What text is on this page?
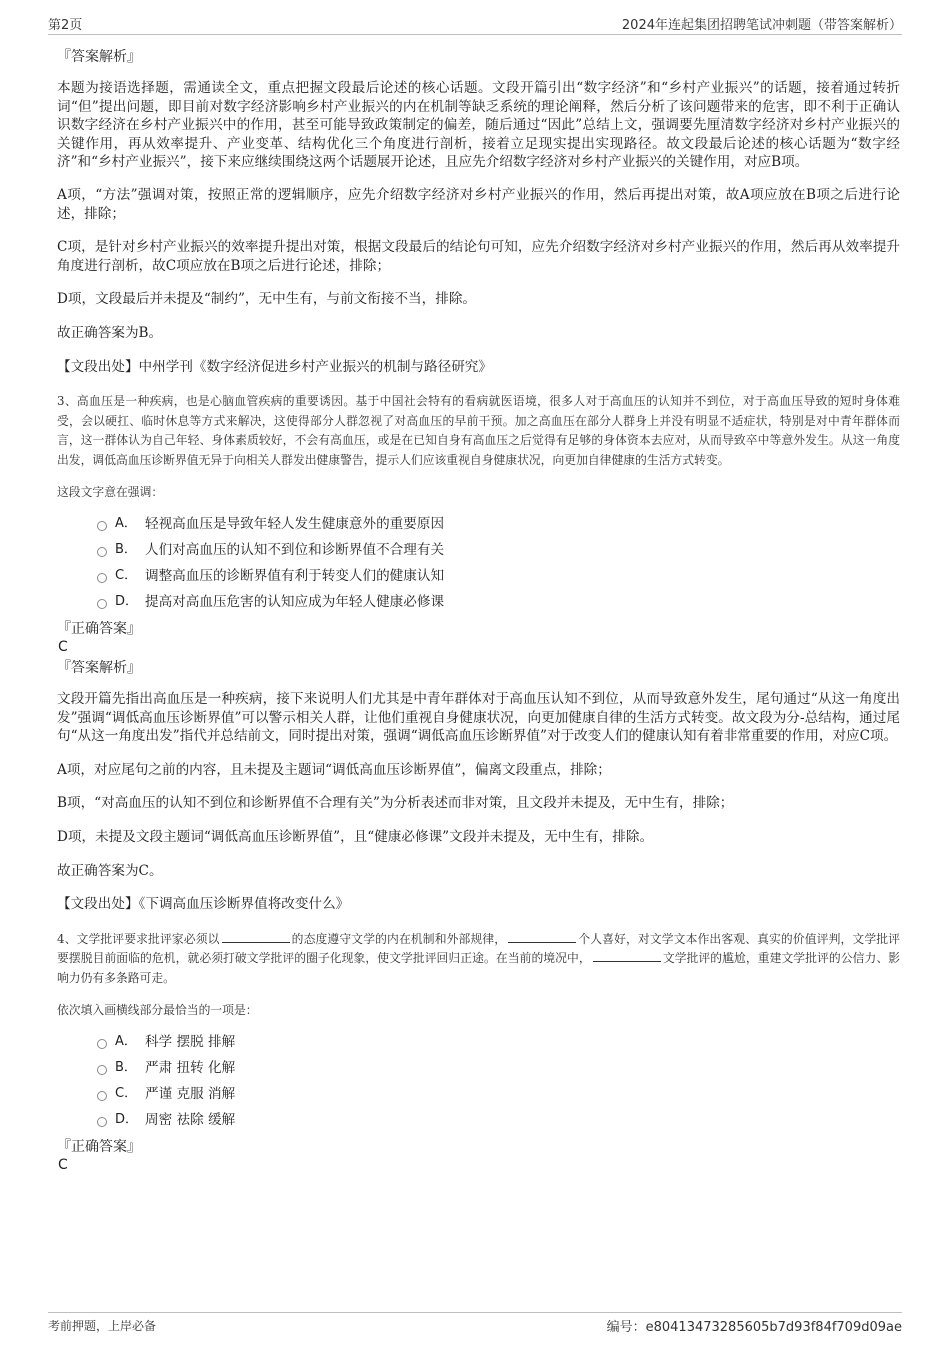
第2页	2024年连起集团招聘笔试冲刺题（带答案解析）
『答案解析』

本题为接语选择题，需通读全文，重点把握文段最后论述的核心话题。文段开篇引出“数字经济”和“乡村产业振兴”的话题，接着通过转折词“但”提出问题，即目前对数字经济影响乡村产业振兴的内在机制等缺乏系统的理论阐释，然后分析了该问题带来的危害，即不利于正确认识数字经济在乡村产业振兴中的作用，甚至可能导致政策制定的偏差，随后通过“因此”总结上文，强调要先厘清数字经济对乡村产业振兴的关键作用，再从效率提升、产业变革、结构优化三个角度进行剖析，接着立足现实提出实现路径。故文段最后论述的核心话题为“数字经济”和“乡村产业振兴”，接下来应继续围绕这两个话题展开论述，且应先介绍数字经济对乡村产业振兴的关键作用，对应B项。

A项，“方法”强调对策，按照正常的逻辑顺序，应先介绍数字经济对乡村产业振兴的作用，然后再提出对策，故A项应放在B项之后进行论述，排除；

C项，是针对乡村产业振兴的效率提升提出对策，根据文段最后的结论句可知，应先介绍数字经济对乡村产业振兴的作用，然后再从效率提升角度进行剖析，故C项应放在B项之后进行论述，排除；

D项，文段最后并未提及“制约”，无中生有，与前文衔接不当，排除。

故正确答案为B。

【文段出处】中州学刊《数字经济促进乡村产业振兴的机制与路径研究》

3、高血压是一种疾病，也是心脑血管疾病的重要诱因。基于中国社会特有的看病就医语境，很多人对于高血压的认知并不到位，对于高血压导致的短时身体难受，会以硬扛、临时休息等方式来解决，这使得部分人群忽视了对高血压的早前干预。加之高血压在部分人群身上并没有明显不适症状，特别是对中青年群体而言，这一群体认为自己年轻、身体素质较好，不会有高血压，或是在已知自身有高血压之后觉得有足够的身体资本去应对，从而导致卒中等意外发生。从这一角度出发，调低高血压诊断界值无异于向相关人群发出健康警告，提示人们应该重视自身健康状况，向更加自律健康的生活方式转变。

这段文字意在强调：

A． 轻视高血压是导致年轻人发生健康意外的重要原因
B． 人们对高血压的认知不到位和诊断界值不合理有关
C． 调整高血压的诊断界值有利于转变人们的健康认知
D． 提高对高血压危害的认知应成为年轻人健康必修课
『正确答案』
C
『答案解析』

文段开篇先指出高血压是一种疾病，接下来说明人们尤其是中青年群体对于高血压认知不到位，从而导致意外发生，尾句通过“从这一角度出发”强调“调低高血压诊断界值”可以警示相关人群，让他们重视自身健康状况，向更加健康自律的生活方式转变。故文段为分-总结构，通过尾句“从这一角度出发”指代并总结前文，同时提出对策，强调“调低高血压诊断界值”对于改变人们的健康认知有着非常重要的作用，对应C项。

A项，对应尾句之前的内容，且未提及主题词“调低高血压诊断界值”，偏离文段重点，排除；

B项，“对高血压的认知不到位和诊断界值不合理有关”为分析表述而非对策，且文段并未提及，无中生有，排除；

D项，未提及文段主题词“调低高血压诊断界值”，且“健康必修课”文段并未提及，无中生有，排除。

故正确答案为C。

【文段出处】《下调高血压诊断界值将改变什么》

4、文学批评要求批评家必须以	的态度遵守文学的内在机制和外部规律，	个人喜好，对文学文本作出客观、真实的价值评判，文学批评要摆脱目前面临的危机，就必须打破文学批评的圈子化现象，使文学批评回归正途。在当前的境况中，	文学批评的尴尬，重建文学批评的公信力、影响力仍有多条路可走。

依次填入画横线部分最恰当的一项是：

A． 科学 摆脱 排解
B． 严肃 扭转 化解
C． 严谨 克服 消解
D． 周密 祛除 缓解
『正确答案』
C
考前押题，上岸必备	编号：e80413473285605b7d93f84f709d09ae
